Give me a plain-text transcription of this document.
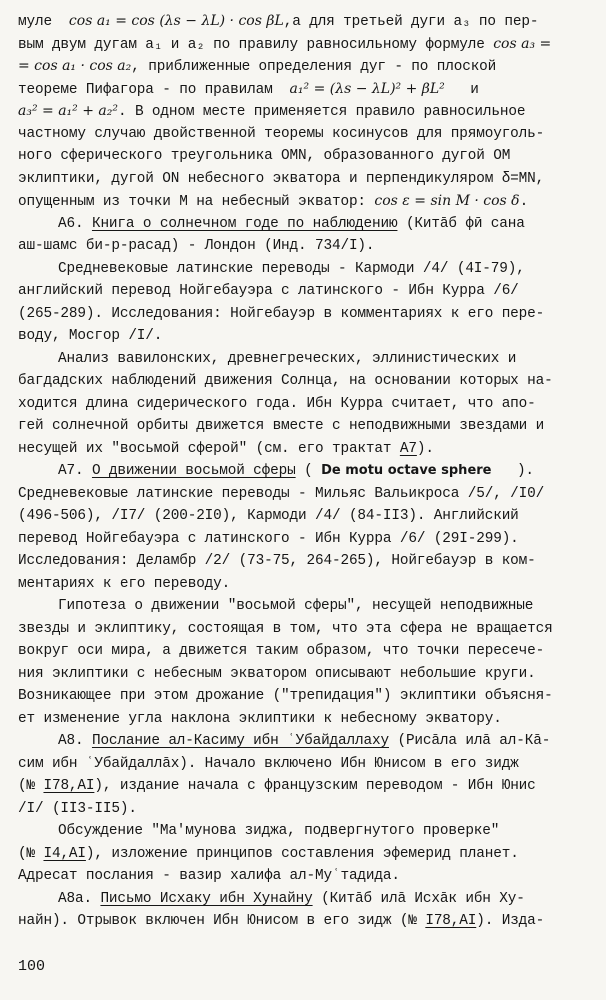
муле  cos a₁ = cos (λs − λL) · cos βL,а для третьей дуги a₃ по пер-
вым двум дугам a₁ и a₂ по правилу равносильному формуле cos a₃ =
= cos a₁ · cos a₂, приближенные определения дуг - по плоской
теореме Пифагора - по правилам  a₁² = (λs − λL)² + βL²   и
a₃² = a₁² + a₂². В одном месте применяется правило равносильное
частному случаю двойственной теоремы косинусов для прямоуголь-
ного сферического треугольника OMN, образованного дугой OM
эклиптики, дугой ON небесного экватора и перпендикуляром δ=MN,
опущенным из точки M на небесный экватор: cos ε = sin M · cos δ.
A6. Книга о солнечном годе по наблюдению (Китāб фӣ сана
аш-шамс би-р-расад) - Лондон (Инд. 734/I).
Средневековые латинские переводы - Кармоди /4/ (4I-79),
английский перевод Нойгебауэра с латинского - Ибн Курра /6/
(265-289). Исследования: Нойгебауэр в комментариях к его пере-
воду, Мосгор /I/.
Анализ вавилонских, древнегреческих, эллинистических и
багдадских наблюдений движения Солнца, на основании которых на-
ходится длина сидерического года. Ибн Курра считает, что апо-
гей солнечной орбиты движется вместе с неподвижными звездами и
несущей их "восьмой сферой" (см. его трактат A7).
A7. О движении восьмой сферы ( De motu octave sphere   ).
Средневековые латинские переводы - Мильяс Вальикроса /5/, /I0/
(496-506), /I7/ (200-2I0), Кармоди /4/ (84-II3). Английский
перевод Нойгебауэра с латинского - Ибн Курра /6/ (29I-299).
Исследования: Деламбр /2/ (73-75, 264-265), Нойгебауэр в ком-
ментариях к его переводу.
Гипотеза о движении "восьмой сферы", несущей неподвижные
звезды и эклиптику, состоящая в том, что эта сфера не вращается
вокруг оси мира, а движется таким образом, что точки пересече-
ния эклиптики с небесным экватором описывают небольшие круги.
Возникающее при этом дрожание ("трепидация") эклиптики объясня-
ет изменение угла наклона эклиптики к небесному экватору.
A8. Послание ал-Касиму ибн ʿУбайдаллаху (Рисāла илā ал-Кā-
сим ибн ʿУбайдаллāх). Начало включено Ибн Юнисом в его зидж
(№ I78,AI), издание начала с французским переводом - Ибн Юнис
/I/ (II3-II5).
Обсуждение "Ма'мунова зиджа, подвергнутого проверке"
(№ I4,AI), изложение принципов составления эфемерид планет.
Адресат послания - вазир халифа ал-Муʿтадида.
A8a. Письмо Исхаку ибн Хунайну (Китāб илā Исхāк ибн Ху-
найн). Отрывок включен Ибн Юнисом в его зидж (№ I78,AI). Изда-
100
